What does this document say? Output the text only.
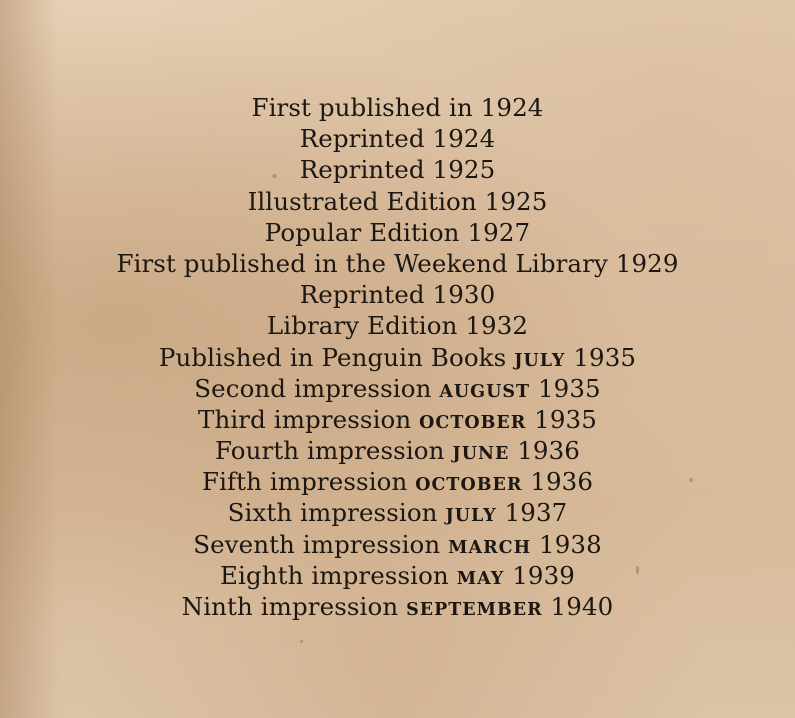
First published in 1924
Reprinted 1924
Reprinted 1925
Illustrated Edition 1925
Popular Edition 1927
First published in the Weekend Library 1929
Reprinted 1930
Library Edition 1932
Published in Penguin Books JULY 1935
Second impression AUGUST 1935
Third impression OCTOBER 1935
Fourth impression JUNE 1936
Fifth impression OCTOBER 1936
Sixth impression JULY 1937
Seventh impression MARCH 1938
Eighth impression MAY 1939
Ninth impression SEPTEMBER 1940
